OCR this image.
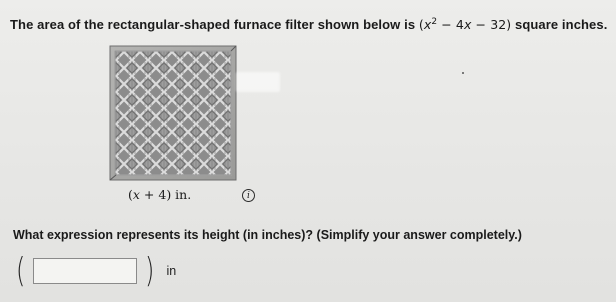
The area of the rectangular-shaped furnace filter shown below is $(x^2 - 4x - 32)$ square inches.
(x + 4) in.	i
What expression represents its height (in inches)? (Simplify your answer completely.)
(	) in
